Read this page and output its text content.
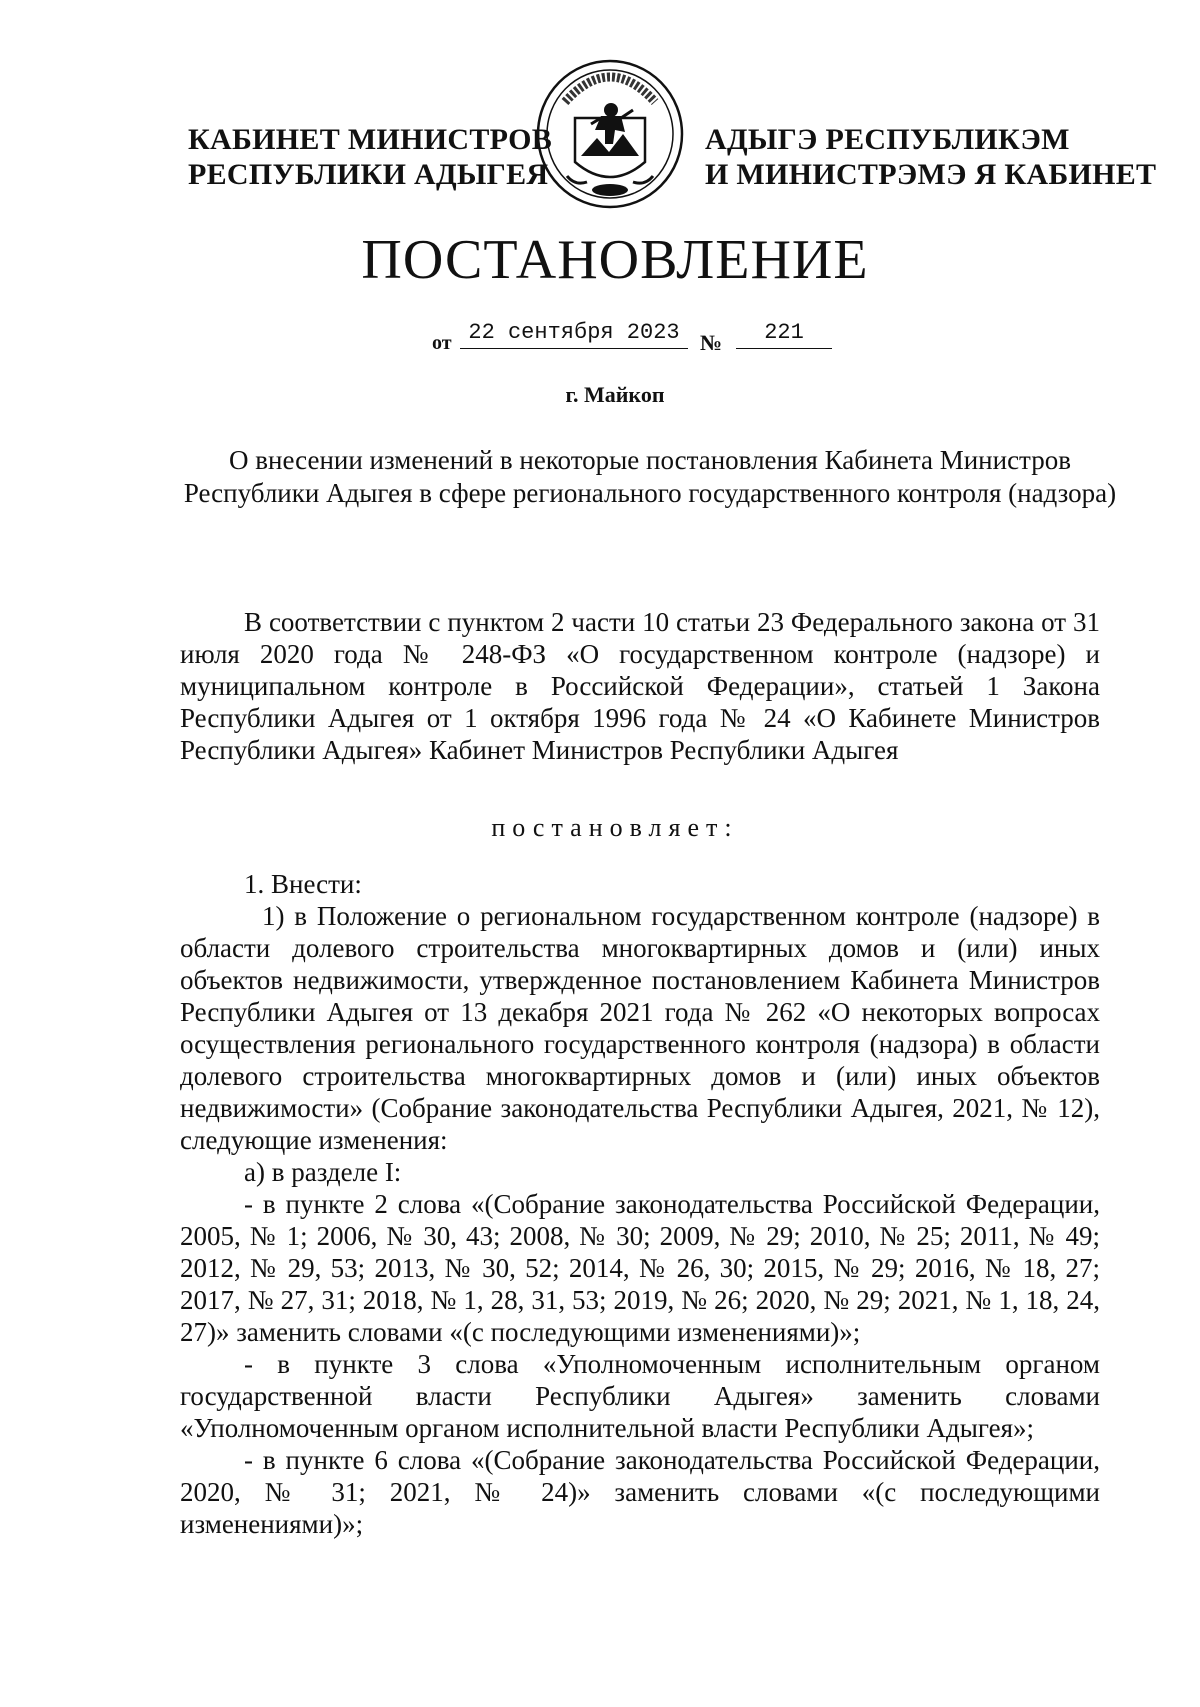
КАБИНЕТ МИНИСТРОВ
РЕСПУБЛИКИ АДЫГЕЯ
АДЫГЭ РЕСПУБЛИКЭМ
И МИНИСТРЭМЭ Я КАБИНЕТ
ПОСТАНОВЛЕНИЕ
от 22 сентября 2023 №	221
г. Майкоп
О внесении изменений в некоторые постановления Кабинета Министров Республики Адыгея в сфере регионального государственного контроля (надзора)

В соответствии с пунктом 2 части 10 статьи 23 Федерального закона от 31 июля 2020 года № 248-ФЗ «О государственном контроле (надзоре) и муниципальном контроле в Российской Федерации», статьей 1 Закона Республики Адыгея от 1 октября 1996 года № 24 «О Кабинете Министров Республики Адыгея» Кабинет Министров Республики Адыгея

постановляет:

1. Внести:

1) в Положение о региональном государственном контроле (надзоре) в области долевого строительства многоквартирных домов и (или) иных объектов недвижимости, утвержденное постановлением Кабинета Министров Республики Адыгея от 13 декабря 2021 года № 262 «О некоторых вопросах осуществления регионального государственного контроля (надзора) в области долевого строительства многоквартирных домов и (или) иных объектов недвижимости» (Собрание законодательства Республики Адыгея, 2021, № 12), следующие изменения:

а) в разделе I:

- в пункте 2 слова «(Собрание законодательства Российской Федерации, 2005, № 1; 2006, № 30, 43; 2008, № 30; 2009, № 29; 2010, № 25; 2011, № 49; 2012, № 29, 53; 2013, № 30, 52; 2014, № 26, 30; 2015, № 29; 2016, № 18, 27; 2017, № 27, 31; 2018, № 1, 28, 31, 53; 2019, № 26; 2020, № 29; 2021, № 1, 18, 24, 27)» заменить словами «(с последующими изменениями)»;

- в пункте 3 слова «Уполномоченным исполнительным органом государственной власти Республики Адыгея» заменить словами «Уполномоченным органом исполнительной власти Республики Адыгея»;

- в пункте 6 слова «(Собрание законодательства Российской Федерации, 2020, № 31; 2021, № 24)» заменить словами «(с последующими изменениями)»;
